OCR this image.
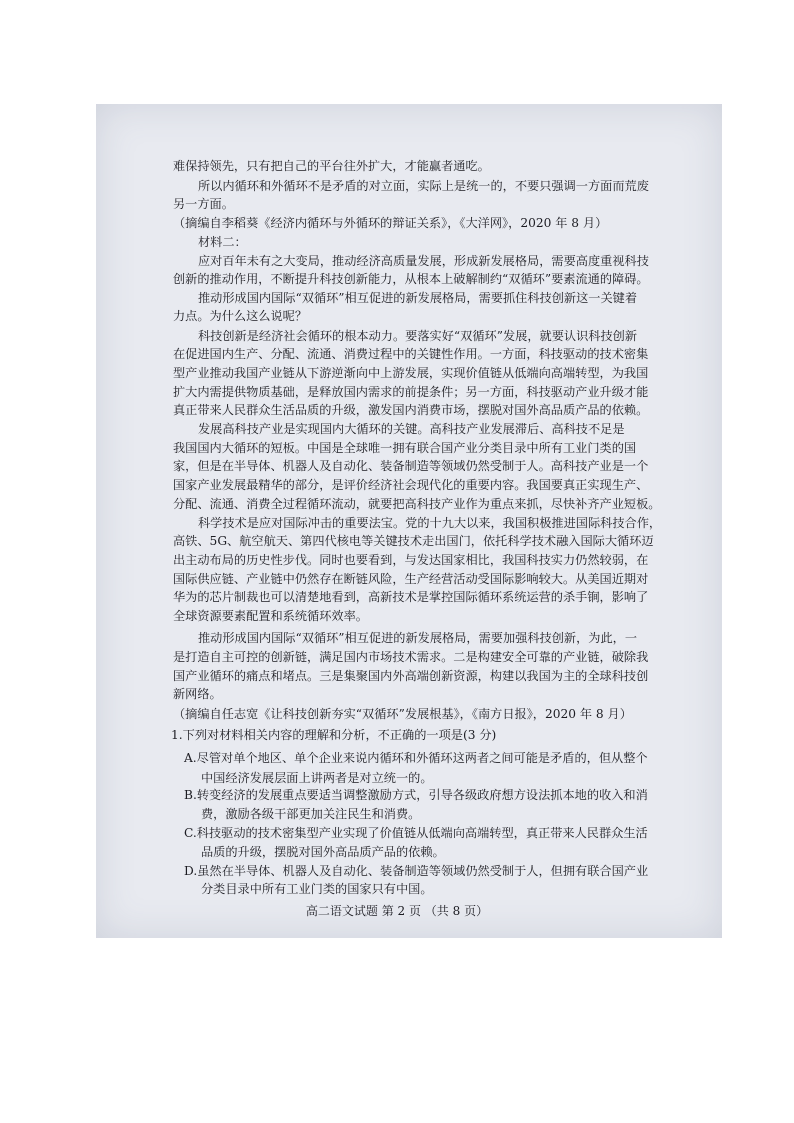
难保持领先，只有把自己的平台往外扩大，才能赢者通吃。
所以内循环和外循环不是矛盾的对立面，实际上是统一的，不要只强调一方面而荒废
另一方面。
（摘编自李稻葵《经济内循环与外循环的辩证关系》，《大洋网》，2020 年 8 月）
材料二：
应对百年未有之大变局，推动经济高质量发展，形成新发展格局，需要高度重视科技
创新的推动作用，不断提升科技创新能力，从根本上破解制约“双循环”要素流通的障碍。
推动形成国内国际“双循环”相互促进的新发展格局，需要抓住科技创新这一关键着
力点。为什么这么说呢？
科技创新是经济社会循环的根本动力。要落实好“双循环”发展，就要认识科技创新
在促进国内生产、分配、流通、消费过程中的关键性作用。一方面，科技驱动的技术密集
型产业推动我国产业链从下游逆渐向中上游发展，实现价值链从低端向高端转型，为我国
扩大内需提供物质基础，是释放国内需求的前提条件；另一方面，科技驱动产业升级才能
真正带来人民群众生活品质的升级，激发国内消费市场，摆脱对国外高品质产品的依赖。
发展高科技产业是实现国内大循环的关键。高科技产业发展滞后、高科技不足是
我国国内大循环的短板。中国是全球唯一拥有联合国产业分类目录中所有工业门类的国
家，但是在半导体、机器人及自动化、装备制造等领域仍然受制于人。高科技产业是一个
国家产业发展最精华的部分，是评价经济社会现代化的重要内容。我国要真正实现生产、
分配、流通、消费全过程循环流动，就要把高科技产业作为重点来抓，尽快补齐产业短板。
科学技术是应对国际冲击的重要法宝。党的十九大以来，我国积极推进国际科技合作，
高铁、5G、航空航天、第四代核电等关键技术走出国门，依托科学技术融入国际大循环迈
出主动布局的历史性步伐。同时也要看到，与发达国家相比，我国科技实力仍然较弱，在
国际供应链、产业链中仍然存在断链风险，生产经营活动受国际影响较大。从美国近期对
华为的芯片制裁也可以清楚地看到，高新技术是掌控国际循环系统运营的杀手锏，影响了
全球资源要素配置和系统循环效率。
推动形成国内国际“双循环”相互促进的新发展格局，需要加强科技创新，为此，一
是打造自主可控的创新链，满足国内市场技术需求。二是构建安全可靠的产业链，破除我
国产业循环的痛点和堵点。三是集聚国内外高端创新资源，构建以我国为主的全球科技创
新网络。
（摘编自任志宽《让科技创新夯实“双循环”发展根基》，《南方日报》，2020 年 8 月）
1.下列对材料相关内容的理解和分析，不正确的一项是(3 分)
A.尽管对单个地区、单个企业来说内循环和外循环这两者之间可能是矛盾的，但从整个
中国经济发展层面上讲两者是对立统一的。
B.转变经济的发展重点要适当调整激励方式，引导各级政府想方设法抓本地的收入和消
费，激励各级干部更加关注民生和消费。
C.科技驱动的技术密集型产业实现了价值链从低端向高端转型，真正带来人民群众生活
品质的升级，摆脱对国外高品质产品的依赖。
D.虽然在半导体、机器人及自动化、装备制造等领域仍然受制于人，但拥有联合国产业
分类目录中所有工业门类的国家只有中国。
高二语文试题 第 2 页 （共 8 页）
